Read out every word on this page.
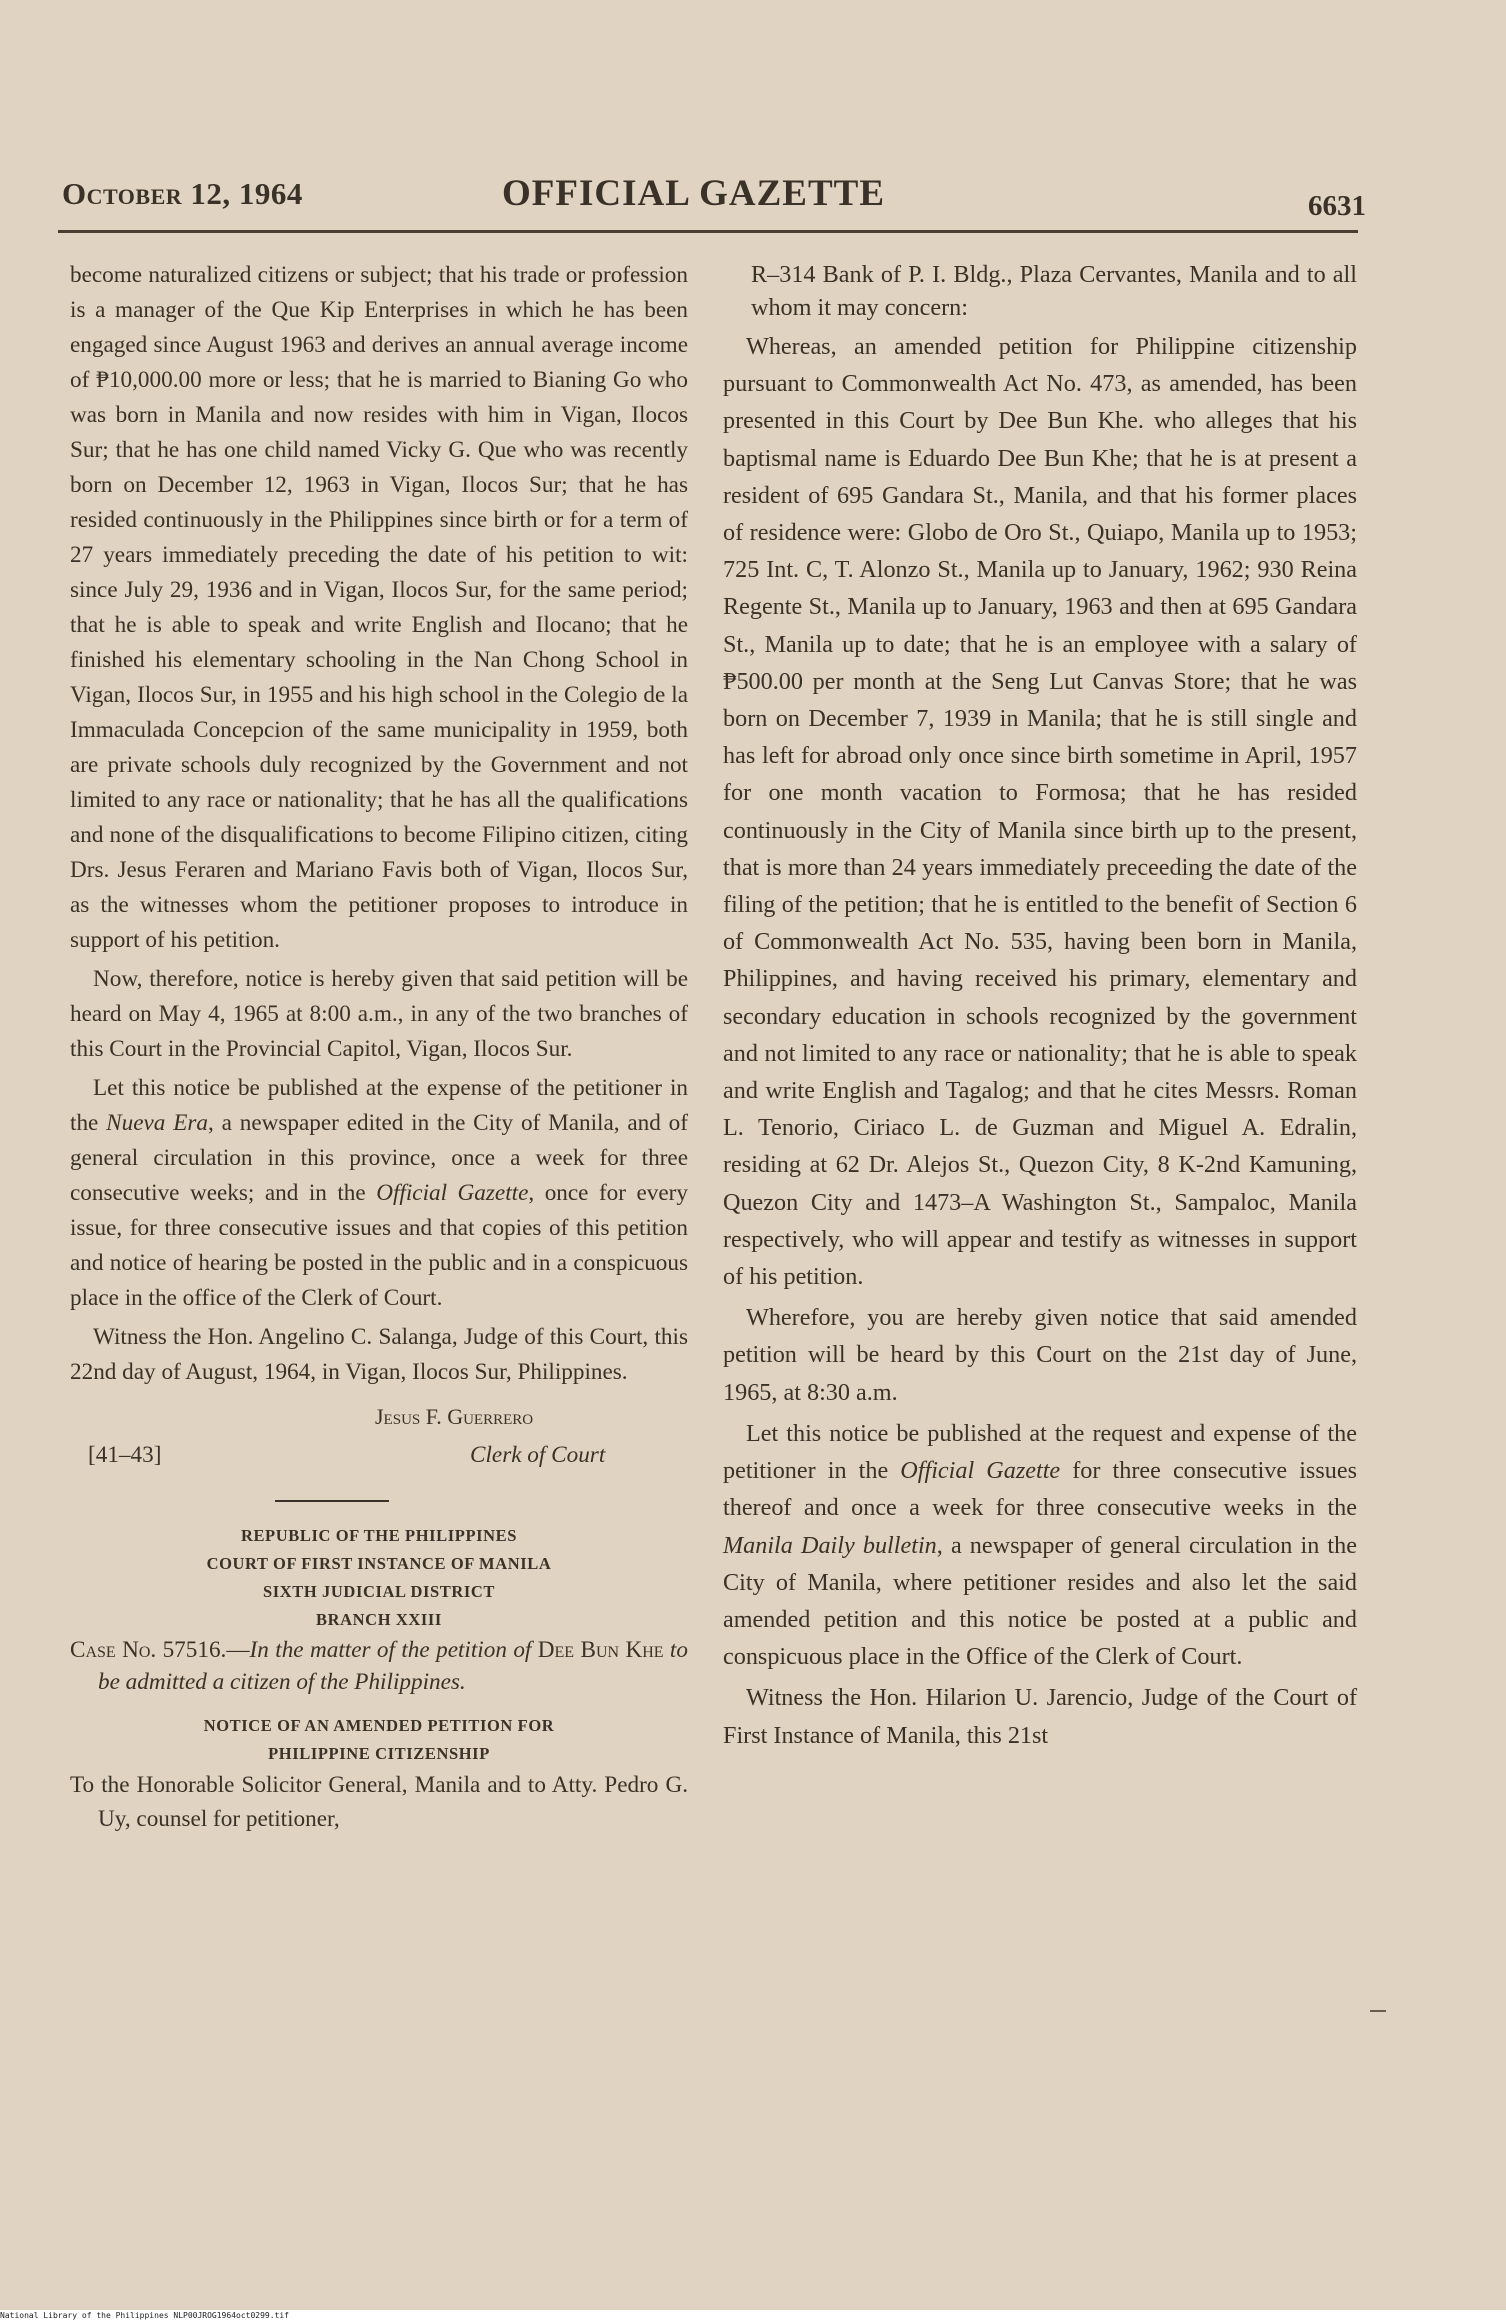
October 12, 1964	OFFICIAL GAZETTE	6631

become naturalized citizens or subject; that his trade or profession is a manager of the Que Kip Enterprises in which he has been engaged since August 1963 and derives an annual average income of ₱10,000.00 more or less; that he is married to Bianing Go who was born in Manila and now resides with him in Vigan, Ilocos Sur; that he has one child named Vicky G. Que who was recently born on December 12, 1963 in Vigan, Ilocos Sur; that he has resided continuously in the Philippines since birth or for a term of 27 years immediately preceding the date of his petition to wit: since July 29, 1936 and in Vigan, Ilocos Sur, for the same period; that he is able to speak and write English and Ilocano; that he finished his elementary schooling in the Nan Chong School in Vigan, Ilocos Sur, in 1955 and his high school in the Colegio de la Immaculada Concepcion of the same municipality in 1959, both are private schools duly recognized by the Government and not limited to any race or nationality; that he has all the qualifications and none of the disqualifications to become Filipino citizen, citing Drs. Jesus Feraren and Mariano Favis both of Vigan, Ilocos Sur, as the witnesses whom the petitioner proposes to introduce in support of his petition.

Now, therefore, notice is hereby given that said petition will be heard on May 4, 1965 at 8:00 a.m., in any of the two branches of this Court in the Provincial Capitol, Vigan, Ilocos Sur.

Let this notice be published at the expense of the petitioner in the Nueva Era, a newspaper edited in the City of Manila, and of general circulation in this province, once a week for three consecutive weeks; and in the Official Gazette, once for every issue, for three consecutive issues and that copies of this petition and notice of hearing be posted in the public and in a conspicuous place in the office of the Clerk of Court.

Witness the Hon. Angelino C. Salanga, Judge of this Court, this 22nd day of August, 1964, in Vigan, Ilocos Sur, Philippines.

Jesus F. Guerrero
[41–43]	Clerk of Court
REPUBLIC OF THE PHILIPPINES
COURT OF FIRST INSTANCE OF MANILA
SIXTH JUDICIAL DISTRICT
BRANCH XXIII

Case No. 57516.—In the matter of the petition of Dee Bun Khe to be admitted a citizen of the Philippines.

NOTICE OF AN AMENDED PETITION FOR
PHILIPPINE CITIZENSHIP

To the Honorable Solicitor General, Manila and to Atty. Pedro G. Uy, counsel for petitioner,

R–314 Bank of P. I. Bldg., Plaza Cervantes, Manila and to all whom it may concern:

Whereas, an amended petition for Philippine citizenship pursuant to Commonwealth Act No. 473, as amended, has been presented in this Court by Dee Bun Khe. who alleges that his baptismal name is Eduardo Dee Bun Khe; that he is at present a resident of 695 Gandara St., Manila, and that his former places of residence were: Globo de Oro St., Quiapo, Manila up to 1953; 725 Int. C, T. Alonzo St., Manila up to January, 1962; 930 Reina Regente St., Manila up to January, 1963 and then at 695 Gandara St., Manila up to date; that he is an employee with a salary of ₱500.00 per month at the Seng Lut Canvas Store; that he was born on December 7, 1939 in Manila; that he is still single and has left for abroad only once since birth sometime in April, 1957 for one month vacation to Formosa; that he has resided continuously in the City of Manila since birth up to the present, that is more than 24 years immediately preceeding the date of the filing of the petition; that he is entitled to the benefit of Section 6 of Commonwealth Act No. 535, having been born in Manila, Philippines, and having received his primary, elementary and secondary education in schools recognized by the government and not limited to any race or nationality; that he is able to speak and write English and Tagalog; and that he cites Messrs. Roman L. Tenorio, Ciriaco L. de Guzman and Miguel A. Edralin, residing at 62 Dr. Alejos St., Quezon City, 8 K-2nd Kamuning, Quezon City and 1473–A Washington St., Sampaloc, Manila respectively, who will appear and testify as witnesses in support of his petition.

Wherefore, you are hereby given notice that said amended petition will be heard by this Court on the 21st day of June, 1965, at 8:30 a.m.

Let this notice be published at the request and expense of the petitioner in the Official Gazette for three consecutive issues thereof and once a week for three consecutive weeks in the Manila Daily bulletin, a newspaper of general circulation in the City of Manila, where petitioner resides and also let the said amended petition and this notice be posted at a public and conspicuous place in the Office of the Clerk of Court.

Witness the Hon. Hilarion U. Jarencio, Judge of the Court of First Instance of Manila, this 21st

National Library of the Philippines NLP00JROG1964oct0299.tif
